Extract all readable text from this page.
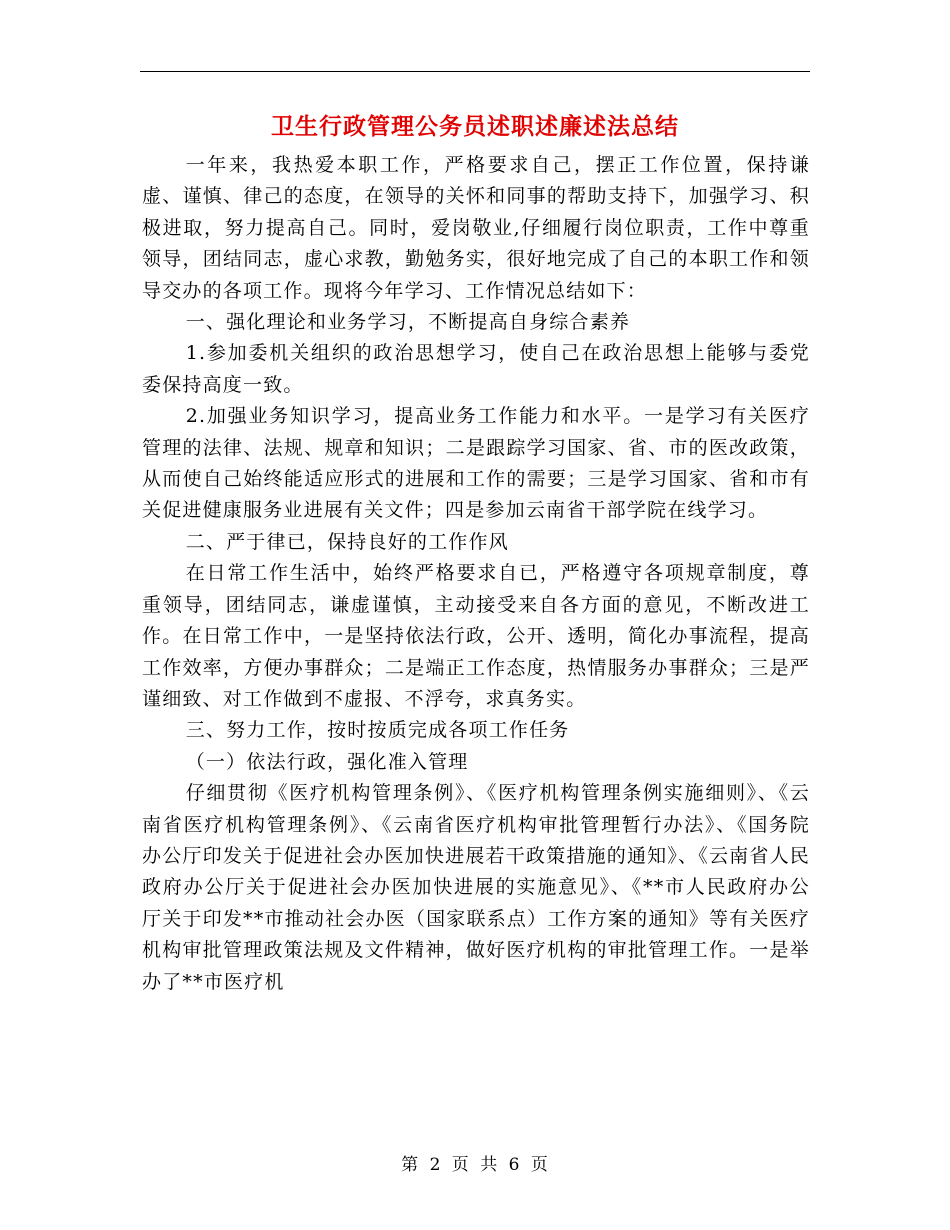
卫生行政管理公务员述职述廉述法总结

一年来，我热爱本职工作，严格要求自己，摆正工作位置，保持谦虚、谨慎、律己的态度，在领导的关怀和同事的帮助支持下，加强学习、积极进取，努力提高自己。同时，爱岗敬业,仔细履行岗位职责，工作中尊重领导，团结同志，虚心求教，勤勉务实，很好地完成了自己的本职工作和领导交办的各项工作。现将今年学习、工作情况总结如下：

一、强化理论和业务学习，不断提高自身综合素养

1.参加委机关组织的政治思想学习，使自己在政治思想上能够与委党委保持高度一致。

2.加强业务知识学习，提高业务工作能力和水平。一是学习有关医疗管理的法律、法规、规章和知识；二是跟踪学习国家、省、市的医改政策，从而使自己始终能适应形式的进展和工作的需要；三是学习国家、省和市有关促进健康服务业进展有关文件；四是参加云南省干部学院在线学习。

二、严于律已，保持良好的工作作风

在日常工作生活中，始终严格要求自已，严格遵守各项规章制度，尊重领导，团结同志，谦虚谨慎，主动接受来自各方面的意见，不断改进工作。在日常工作中，一是坚持依法行政，公开、透明，简化办事流程，提高工作效率，方便办事群众；二是端正工作态度，热情服务办事群众；三是严谨细致、对工作做到不虚报、不浮夸，求真务实。

三、努力工作，按时按质完成各项工作任务

（一）依法行政，强化准入管理

仔细贯彻《医疗机构管理条例》、《医疗机构管理条例实施细则》、《云南省医疗机构管理条例》、《云南省医疗机构审批管理暂行办法》、《国务院办公厅印发关于促进社会办医加快进展若干政策措施的通知》、《云南省人民政府办公厅关于促进社会办医加快进展的实施意见》、《**市人民政府办公厅关于印发**市推动社会办医（国家联系点）工作方案的通知》等有关医疗机构审批管理政策法规及文件精神，做好医疗机构的审批管理工作。一是举办了**市医疗机

第 2 页 共 6 页
